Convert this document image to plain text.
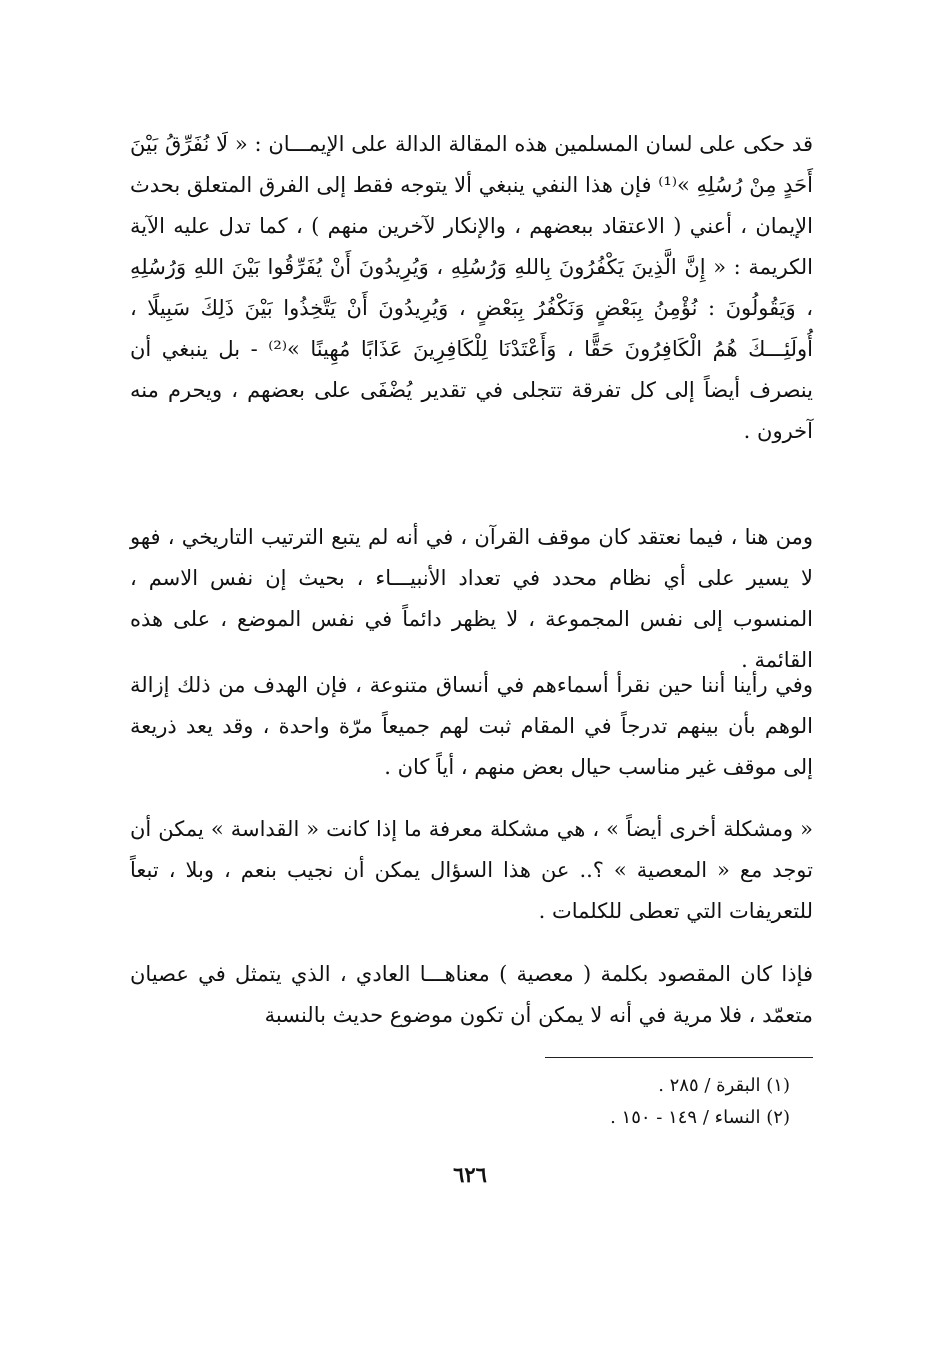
قد حكى على لسان المسلمين هذه المقالة الدالة على الإيمـــان : « لَا نُفَرِّقُ بَيْنَ أَحَدٍ مِنْ رُسُلِهِ »⁽¹⁾ فإن هذا النفي ينبغي ألا يتوجه فقط إلى الفرق المتعلق بحدث الإيمان ، أعني ( الاعتقاد ببعضهم ، والإنكار لآخرين منهم ) ، كما تدل عليه الآية الكريمة : « إِنَّ الَّذِينَ يَكْفُرُونَ بِاللهِ وَرُسُلِهِ ، وَيُرِيدُونَ أَنْ يُفَرِّقُوا بَيْنَ اللهِ وَرُسُلِهِ ، وَيَقُولُونَ : نُؤْمِنُ بِبَعْضٍ وَنَكْفُرُ بِبَعْضٍ ، وَيُرِيدُونَ أَنْ يَتَّخِذُوا بَيْنَ ذَلِكَ سَبِيلًا ، أُولَئِـــكَ هُمُ الْكَافِرُونَ حَقًّا ، وَأَعْتَدْنَا لِلْكَافِرِينَ عَذَابًا مُهِينًا »⁽²⁾ - بل ينبغي أن ينصرف أيضاً إلى كل تفرقة تتجلى في تقدير يُضْفَى على بعضهم ، ويحرم منه آخرون .

ومن هنا ، فيما نعتقد كان موقف القرآن ، في أنه لم يتبع الترتيب التاريخي ، فهو لا يسير على أي نظام محدد في تعداد الأنبيـــاء ، بحيث إن نفس الاسم ، المنسوب إلى نفس المجموعة ، لا يظهر دائماً في نفس الموضع ، على هذه القائمة .

وفي رأينا أننا حين نقرأ أسماءهم في أنساق متنوعة ، فإن الهدف من ذلك إزالة الوهم بأن بينهم تدرجاً في المقام ثبت لهم جميعاً مرّة واحدة ، وقد يعد ذريعة إلى موقف غير مناسب حيال بعض منهم ، أياً كان .

« ومشكلة أخرى أيضاً » ، هي مشكلة معرفة ما إذا كانت « القداسة » يمكن أن توجد مع « المعصية » ؟.. عن هذا السؤال يمكن أن نجيب بنعم ، وبلا ، تبعاً للتعريفات التي تعطى للكلمات .

فإذا كان المقصود بكلمة ( معصية ) معناهـــا العادي ، الذي يتمثل في عصيان متعمّد ، فلا مرية في أنه لا يمكن أن تكون موضوع حديث بالنسبة

(١) البقرة / ٢٨٥ .
(٢) النساء / ١٤٩ - ١٥٠ .
٦٢٦
